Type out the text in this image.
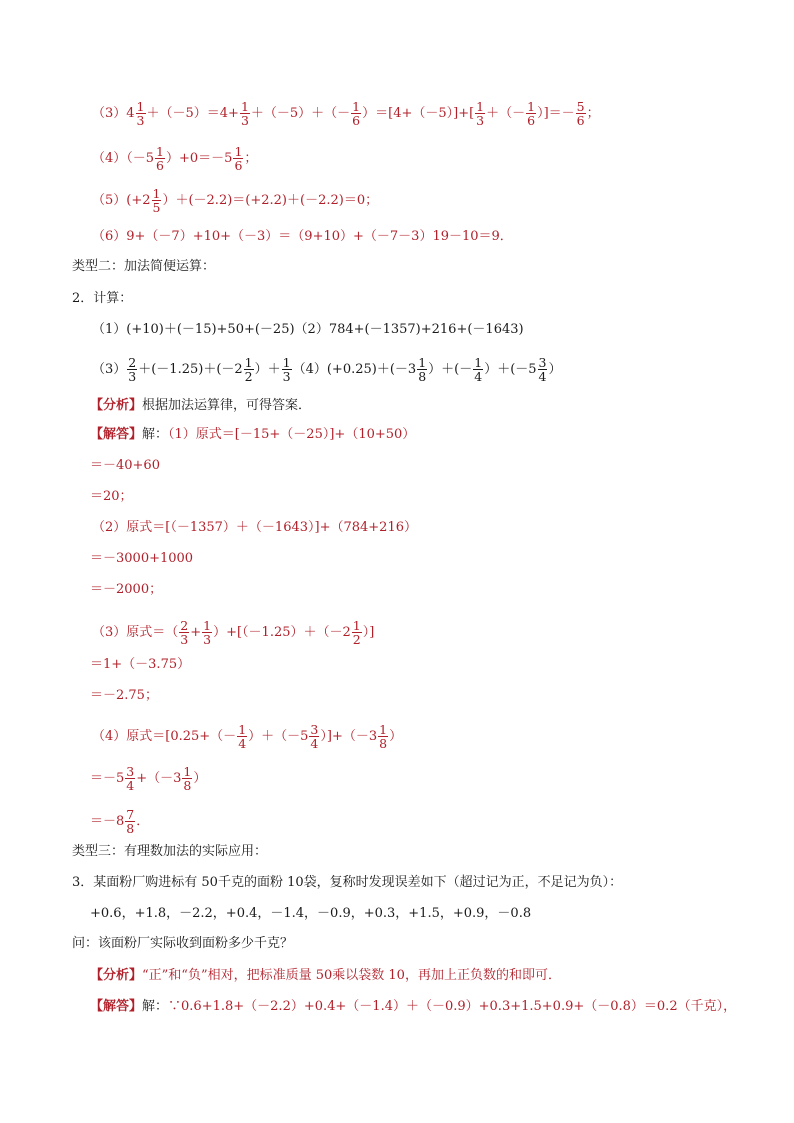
$(3)4 \frac{1}{3} +(-5)=4+ \frac{1}{3} +(-5)+(- \frac{1}{6} )=[4+(-5)]+[ \frac{1}{3}$ ＋（－ $\frac{1}{6}$ ）]＝－ $\frac{5}{6}$ ；
$(4)(-5 \frac{1}{6} )+0=-5 \frac{1}{6}$ ；
$(5)(+2 \frac{1}{5} )+(-2.2)=(+2.2)+(-2.2)=0$；
（6）9+（－7）+10+（－3）＝（9+10）+（－7－3）19－10＝9．
类型二：加法简便运算：
2．计算：
（1）(+10)＋(－15)+50+(－25)（2）784+(－1357)+216+(－1643)
$(3) \frac{2}{3} +(-1.25)+(-2 \frac{1}{2}$ ）＋ $\frac{1}{3} (4)(+0.25)+(-3 \frac{1}{8}$ ）＋(－ $\frac{1}{4} )+(-5 \frac{3}{4}$ ）
【分析】根据加法运算律，可得答案．
【解答】解：（1）原式＝[－15+（－25）]+（10+50）
＝－40+60
＝20；
（2）原式＝[（－1357）＋（－1643）]+（784+216）
＝－3000+1000
＝－2000；
（3）原式＝（ $\frac{2}{3} + \frac{1}{3} )+[(-1.25)+(-2 \frac{1}{2}$ ）]
＝1+（－3.75）
＝－2.75；
（4）原式$=[0.25+(- \frac{1}{4} )+(-5 \frac{3}{4} )]+(-3 \frac{1}{8}$ ）
$=-5 \frac{3}{4} +(-3 \frac{1}{8}$ ）
$=-8 \frac{7}{8}$ ．
类型三：有理数加法的实际应用：
3．某面粉厂购进标有 50千克的面粉 10袋，复称时发现误差如下（超过记为正，不足记为负）：
+0.6，+1.8，－2.2，+0.4，－1.4，－0.9，+0.3，+1.5，+0.9，－0.8
问：该面粉厂实际收到面粉多少千克？
【分析】“正”和“负”相对，把标准质量 50乘以袋数 10，再加上正负数的和即可．
【解答】解：∵0.6+1.8+（－2.2）+0.4+（－1.4）＋（－0.9）+0.3+1.5+0.9+（－0.8）＝0.2（千克），
